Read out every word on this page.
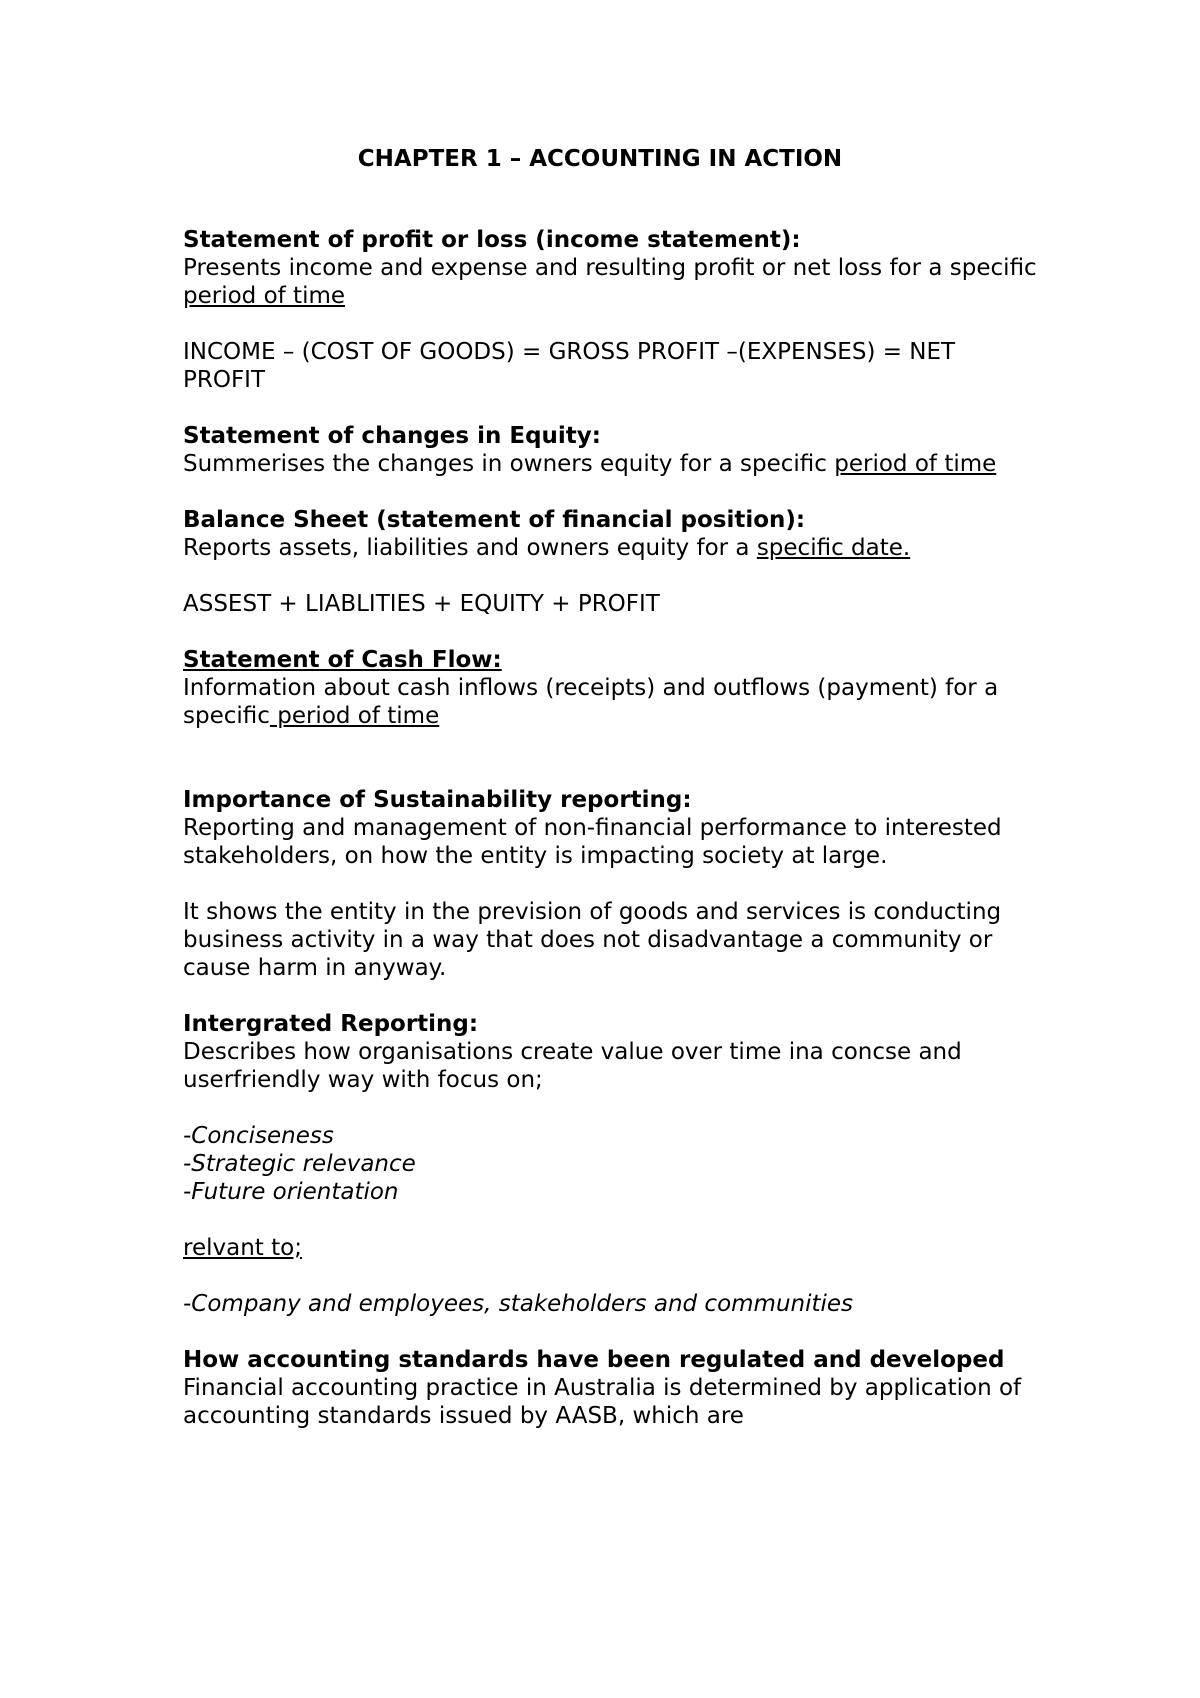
CHAPTER 1 – ACCOUNTING IN ACTION

Statement of profit or loss (income statement):
Presents income and expense and resulting profit or net loss for a specific period of time

INCOME – (COST OF GOODS) = GROSS PROFIT –(EXPENSES) = NET PROFIT

Statement of changes in Equity:
Summerises the changes in owners equity for a specific period of time

Balance Sheet (statement of financial position):
Reports assets, liabilities and owners equity for a specific date.

ASSEST + LIABLITIES + EQUITY + PROFIT

Statement of Cash Flow:
Information about cash inflows (receipts) and outflows (payment) for a specific period of time

Importance of Sustainability reporting:
Reporting and management of non-financial performance to interested stakeholders, on how the entity is impacting society at large.

It shows the entity in the prevision of goods and services is conducting business activity in a way that does not disadvantage a community or cause harm in anyway.

Intergrated Reporting:
Describes how organisations create value over time ina concse and userfriendly way with focus on;

-Conciseness
-Strategic relevance
-Future orientation

relvant to;

-Company and employees, stakeholders and communities

How accounting standards have been regulated and developed
Financial accounting practice in Australia is determined by application of accounting standards issued by AASB, which are
